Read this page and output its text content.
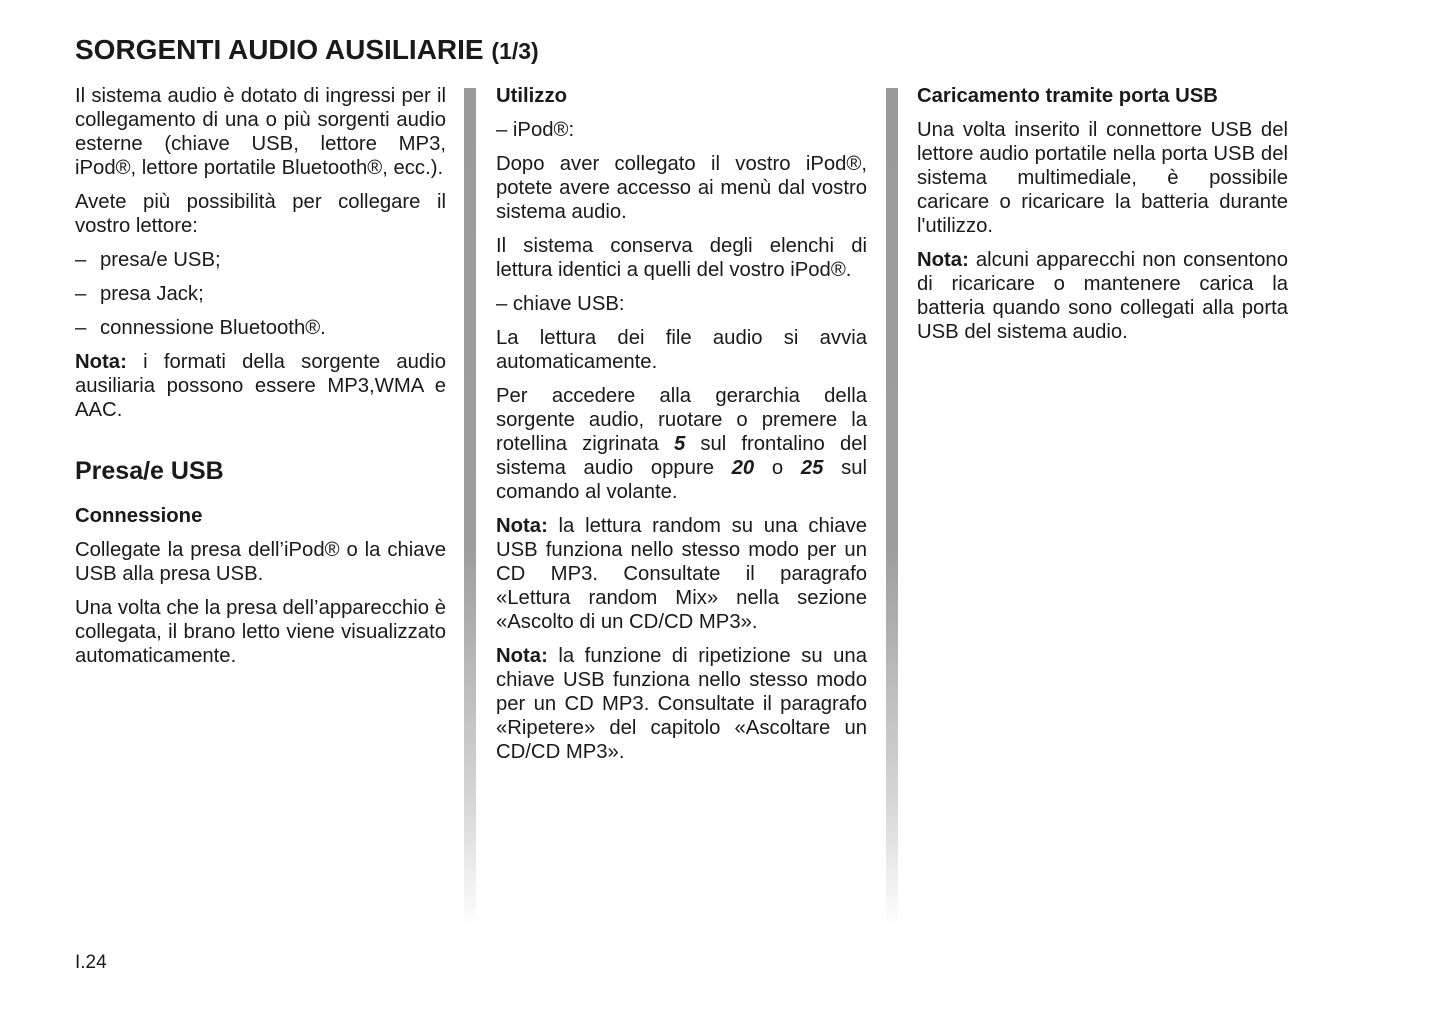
SORGENTI AUDIO AUSILIARIE (1/3)

Il sistema audio è dotato di ingressi per il collegamento di una o più sorgenti audio esterne (chiave USB, lettore MP3, iPod®, lettore portatile Bluetooth®, ecc.).

Avete più possibilità per collegare il vostro lettore:

– presa/e USB;
– presa Jack;
– connessione Bluetooth®.

Nota: i formati della sorgente audio ausiliaria possono essere MP3,WMA e AAC.

Presa/e USB
Connessione

Collegate la presa dell’iPod® o la chiave USB alla presa USB.

Una volta che la presa dell’apparecchio è collegata, il brano letto viene visualizzato automaticamente.

Utilizzo
– iPod®:

Dopo aver collegato il vostro iPod®, potete avere accesso ai menù dal vostro sistema audio.

Il sistema conserva degli elenchi di lettura identici a quelli del vostro iPod®.

– chiave USB:

La lettura dei file audio si avvia automaticamente.

Per accedere alla gerarchia della sorgente audio, ruotare o premere la rotellina zigrinata 5 sul frontalino del sistema audio oppure 20 o 25 sul comando al volante.

Nota: la lettura random su una chiave USB funziona nello stesso modo per un CD MP3. Consultate il paragrafo «Lettura random Mix» nella sezione «Ascolto di un CD/CD MP3».

Nota: la funzione di ripetizione su una chiave USB funziona nello stesso modo per un CD MP3. Consultate il paragrafo «Ripetere» del capitolo «Ascoltare un CD/CD MP3».

Caricamento tramite porta USB

Una volta inserito il connettore USB del lettore audio portatile nella porta USB del sistema multimediale, è possibile caricare o ricaricare la batteria durante l'utilizzo.

Nota: alcuni apparecchi non consentono di ricaricare o mantenere carica la batteria quando sono collegati alla porta USB del sistema audio.

I.24
